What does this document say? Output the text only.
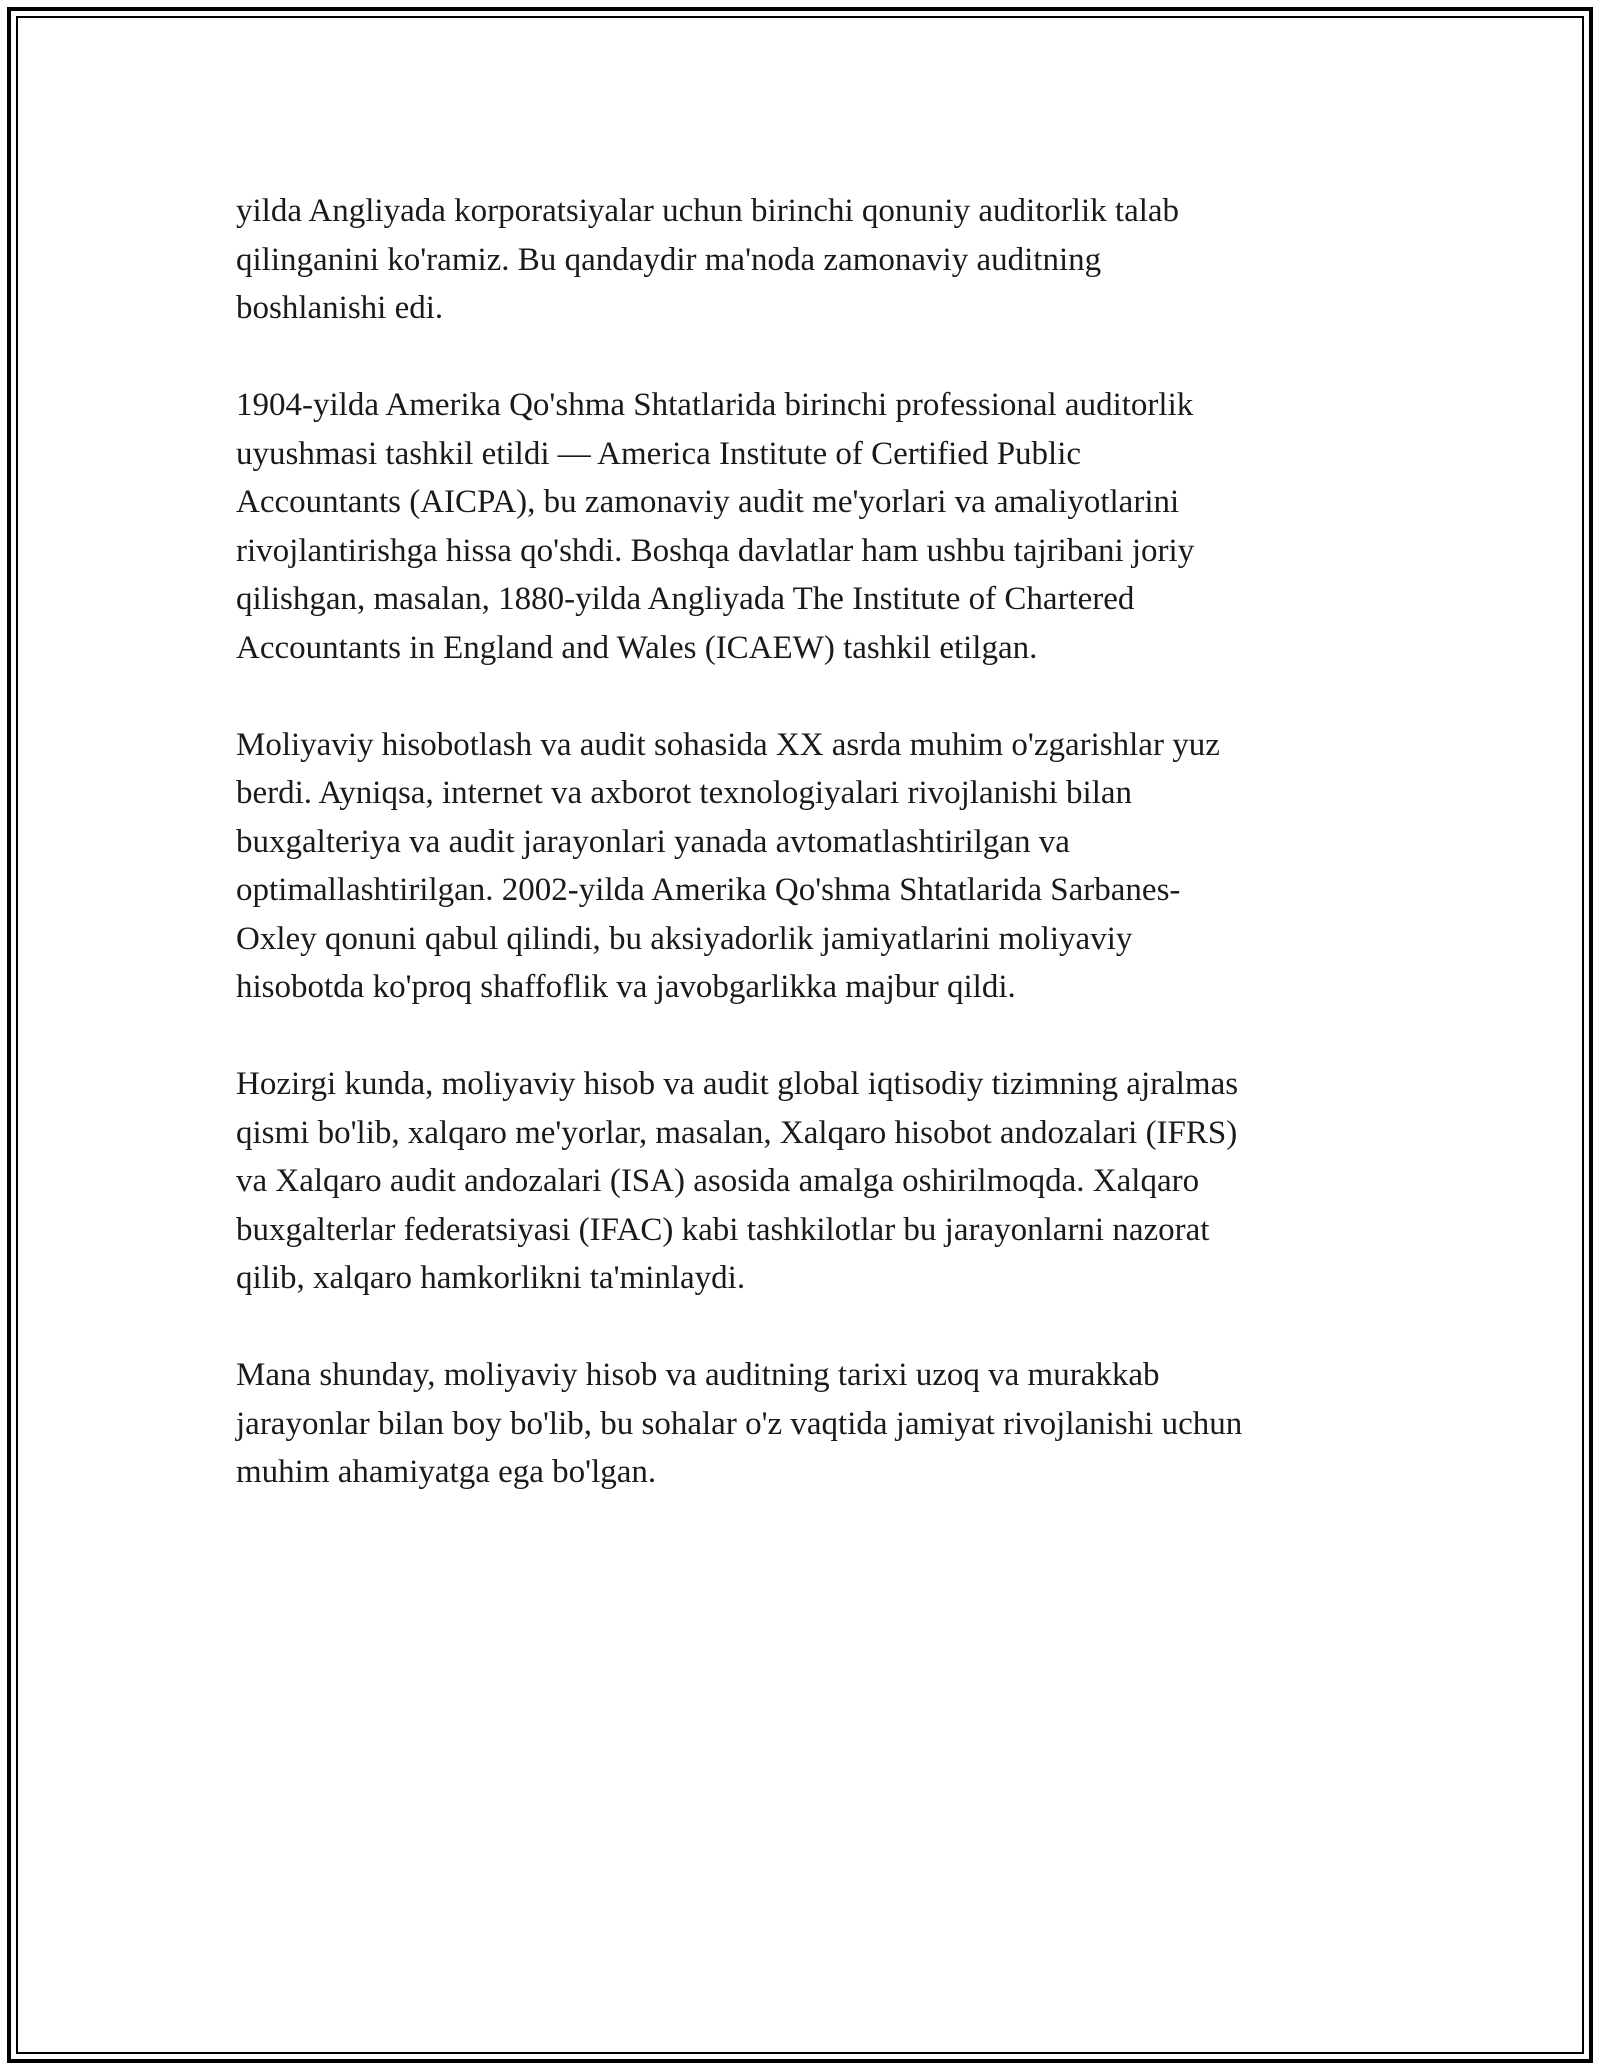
yilda Angliyada korporatsiyalar uchun birinchi qonuniy auditorlik talab
qilinganini ko'ramiz. Bu qandaydir ma'noda zamonaviy auditning
boshlanishi edi.

1904-yilda Amerika Qo'shma Shtatlarida birinchi professional auditorlik
uyushmasi tashkil etildi — America Institute of Certified Public
Accountants (AICPA), bu zamonaviy audit me'yorlari va amaliyotlarini
rivojlantirishga hissa qo'shdi. Boshqa davlatlar ham ushbu tajribani joriy
qilishgan, masalan, 1880-yilda Angliyada The Institute of Chartered
Accountants in England and Wales (ICAEW) tashkil etilgan.

Moliyaviy hisobotlash va audit sohasida XX asrda muhim o'zgarishlar yuz
berdi. Ayniqsa, internet va axborot texnologiyalari rivojlanishi bilan
buxgalteriya va audit jarayonlari yanada avtomatlashtirilgan va
optimallashtirilgan. 2002-yilda Amerika Qo'shma Shtatlarida Sarbanes-
Oxley qonuni qabul qilindi, bu aksiyadorlik jamiyatlarini moliyaviy
hisobotda ko'proq shaffoflik va javobgarlikka majbur qildi.

Hozirgi kunda, moliyaviy hisob va audit global iqtisodiy tizimning ajralmas
qismi bo'lib, xalqaro me'yorlar, masalan, Xalqaro hisobot andozalari (IFRS)
va Xalqaro audit andozalari (ISA) asosida amalga oshirilmoqda. Xalqaro
buxgalterlar federatsiyasi (IFAC) kabi tashkilotlar bu jarayonlarni nazorat
qilib, xalqaro hamkorlikni ta'minlaydi.

Mana shunday, moliyaviy hisob va auditning tarixi uzoq va murakkab
jarayonlar bilan boy bo'lib, bu sohalar o'z vaqtida jamiyat rivojlanishi uchun
muhim ahamiyatga ega bo'lgan.
